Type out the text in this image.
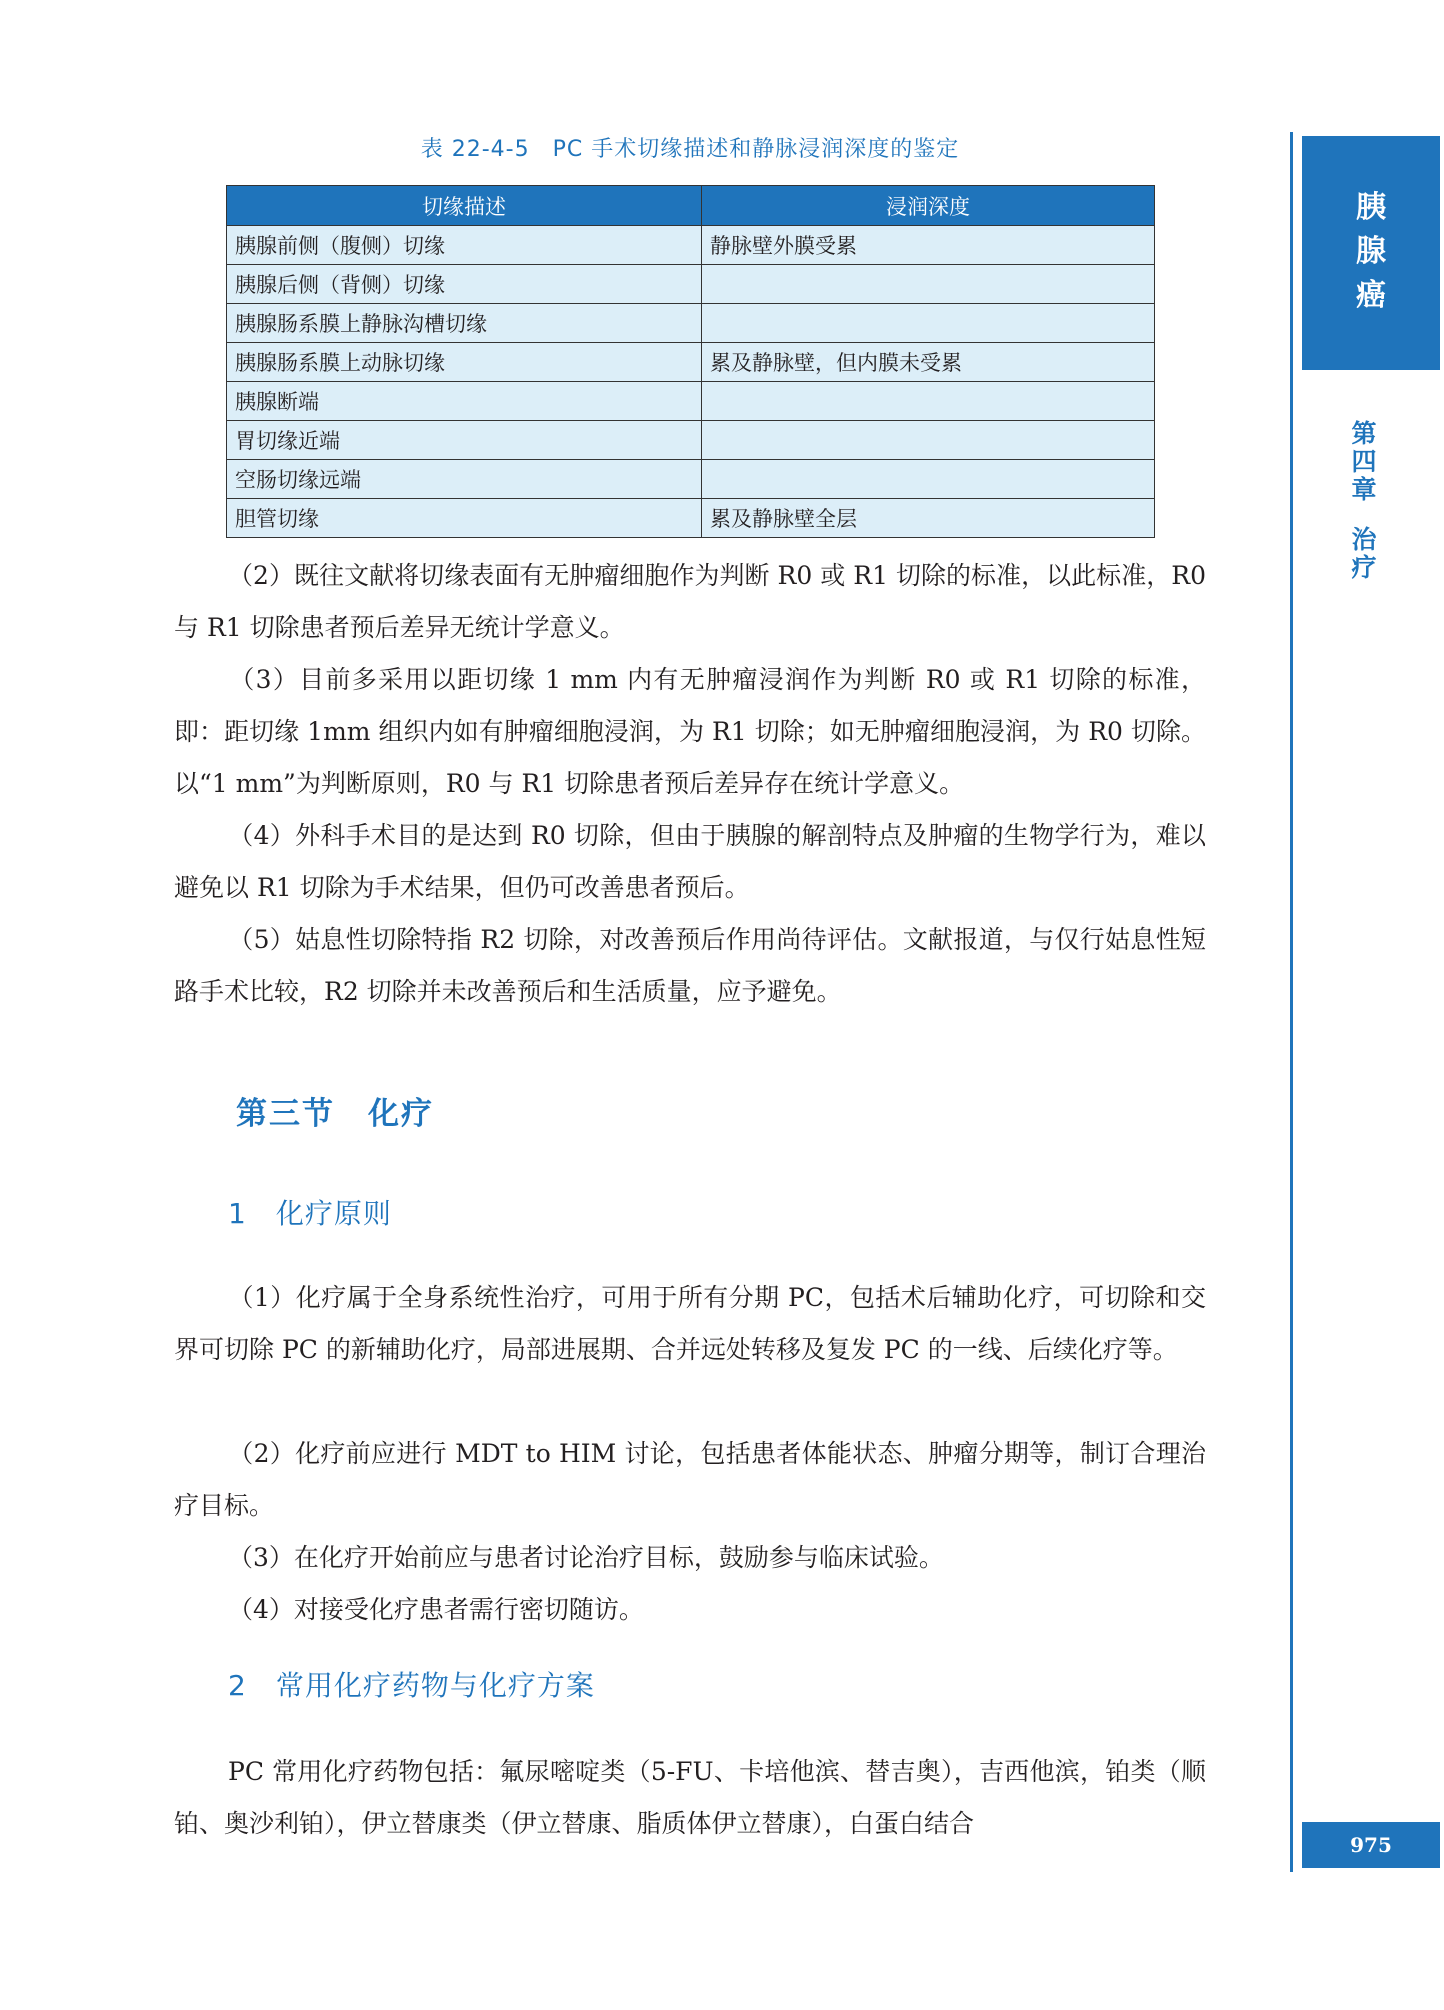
胰
腺
癌
第
四
章
治
疗
975
表 22-4-5　PC 手术切缘描述和静脉浸润深度的鉴定
切缘描述	浸润深度
胰腺前侧（腹侧）切缘	静脉壁外膜受累
胰腺后侧（背侧）切缘	
胰腺肠系膜上静脉沟槽切缘	
胰腺肠系膜上动脉切缘	累及静脉壁，但内膜未受累
胰腺断端	
胃切缘近端	
空肠切缘远端	
胆管切缘	累及静脉壁全层
（2）既往文献将切缘表面有无肿瘤细胞作为判断 R0 或 R1 切除的标准，以此标准，R0 与 R1 切除患者预后差异无统计学意义。
（3）目前多采用以距切缘 1 mm 内有无肿瘤浸润作为判断 R0 或 R1 切除的标准，即：距切缘 1mm 组织内如有肿瘤细胞浸润，为 R1 切除；如无肿瘤细胞浸润，为 R0 切除。以“1 mm”为判断原则，R0 与 R1 切除患者预后差异存在统计学意义。
（4）外科手术目的是达到 R0 切除，但由于胰腺的解剖特点及肿瘤的生物学行为，难以避免以 R1 切除为手术结果，但仍可改善患者预后。
（5）姑息性切除特指 R2 切除，对改善预后作用尚待评估。文献报道，与仅行姑息性短路手术比较，R2 切除并未改善预后和生活质量，应予避免。
第三节　化疗
1　化疗原则
（1）化疗属于全身系统性治疗，可用于所有分期 PC，包括术后辅助化疗，可切除和交界可切除 PC 的新辅助化疗，局部进展期、合并远处转移及复发 PC 的一线、后续化疗等。
（2）化疗前应进行 MDT to HIM 讨论，包括患者体能状态、肿瘤分期等，制订合理治疗目标。
（3）在化疗开始前应与患者讨论治疗目标，鼓励参与临床试验。
（4）对接受化疗患者需行密切随访。
2　常用化疗药物与化疗方案
PC 常用化疗药物包括：氟尿嘧啶类（5-FU、卡培他滨、替吉奥），吉西他滨，铂类（顺铂、奥沙利铂），伊立替康类（伊立替康、脂质体伊立替康），白蛋白结合
